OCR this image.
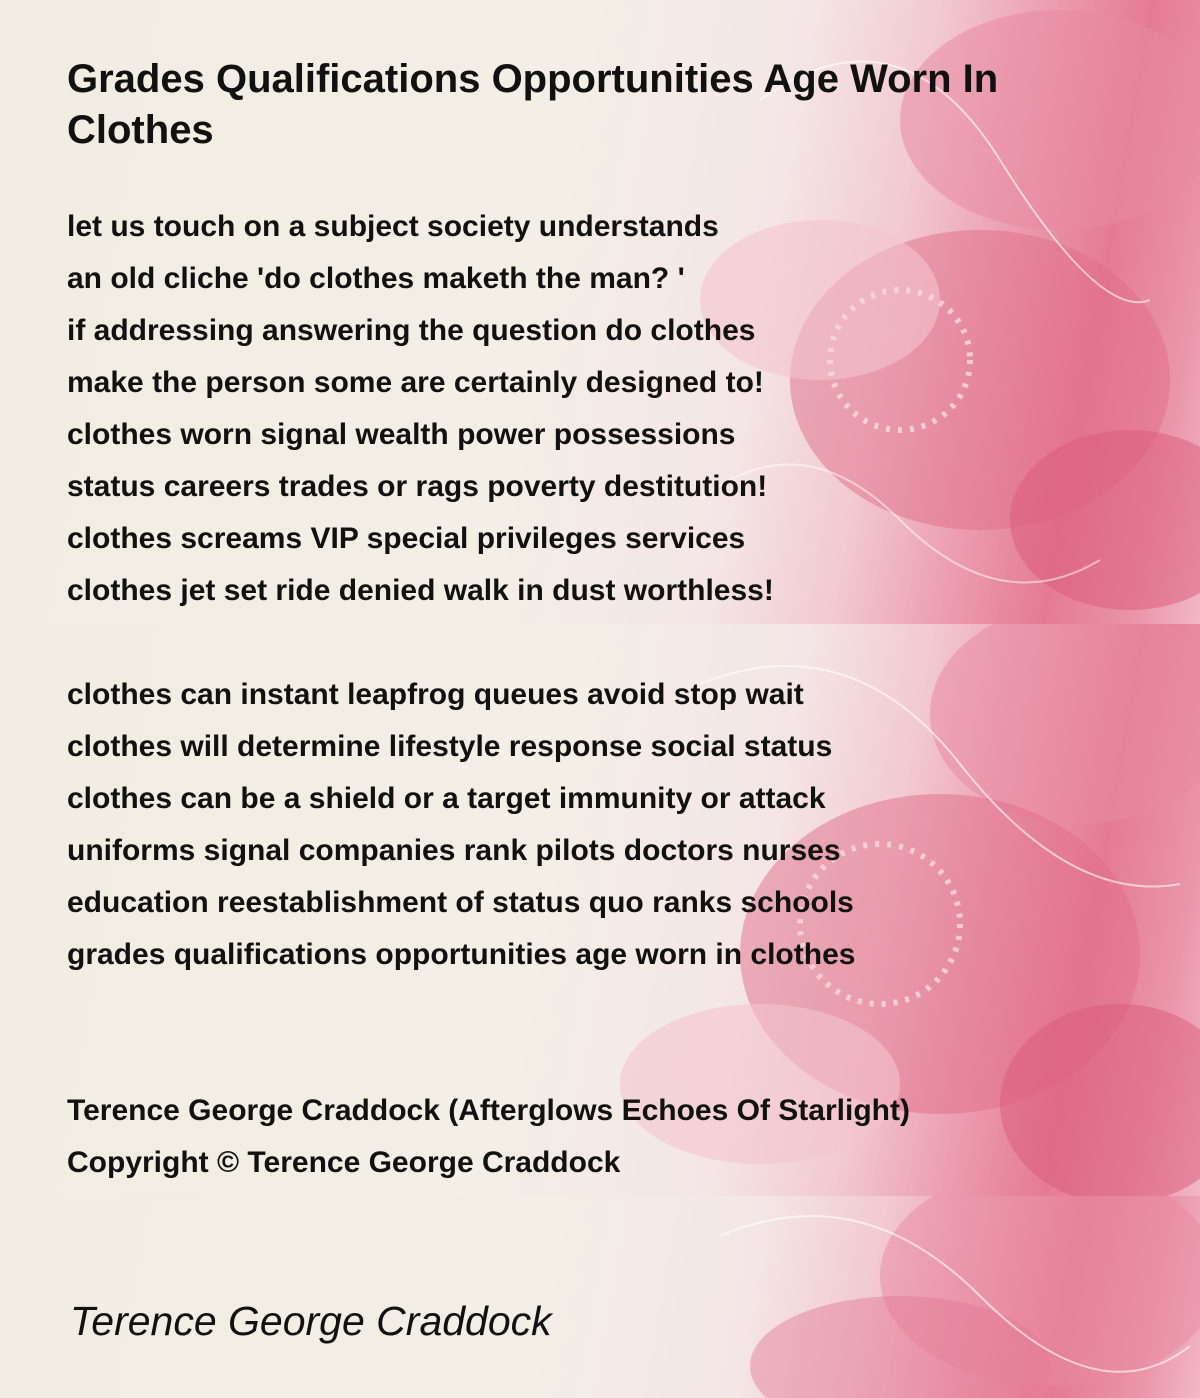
Grades Qualifications Opportunities Age Worn In Clothes
let us touch on a subject society understands
an old cliche 'do clothes maketh the man? '
if addressing answering the question do clothes
make the person some are certainly designed to!
clothes worn signal wealth power possessions
status careers trades or rags poverty destitution!
clothes screams VIP special privileges services
clothes jet set ride denied walk in dust worthless!
clothes can instant leapfrog queues avoid stop wait
clothes will determine lifestyle response social status
clothes can be a shield or a target immunity or attack
uniforms signal companies rank pilots doctors nurses
education reestablishment of status quo ranks schools
grades qualifications opportunities age worn in clothes
Terence George Craddock (Afterglows Echoes Of Starlight)
Copyright © Terence George Craddock
Terence George Craddock
